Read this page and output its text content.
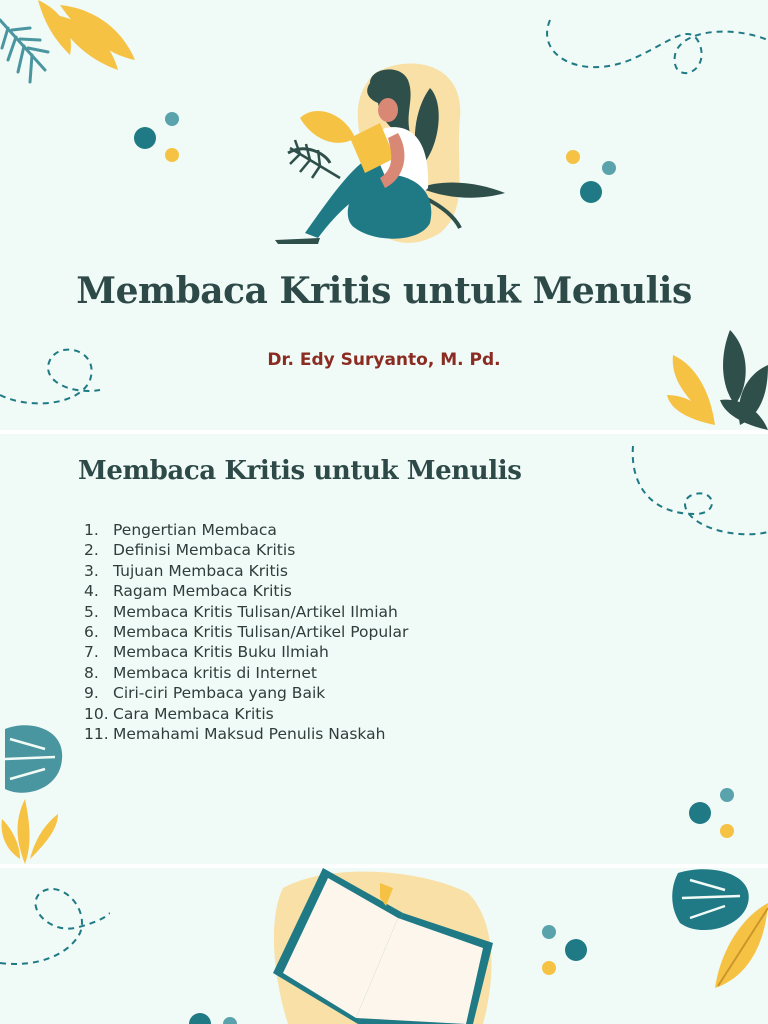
Membaca Kritis untuk Menulis

Dr. Edy Suryanto, M. Pd.

Membaca Kritis untuk Menulis
1. Pengertian Membaca
2. Definisi Membaca Kritis
3. Tujuan Membaca Kritis
4. Ragam Membaca Kritis
5. Membaca Kritis Tulisan/Artikel Ilmiah
6. Membaca Kritis Tulisan/Artikel Popular
7. Membaca Kritis Buku Ilmiah
8. Membaca kritis di Internet
9. Ciri-ciri Pembaca yang Baik
10. Cara Membaca Kritis
11. Memahami Maksud Penulis Naskah
